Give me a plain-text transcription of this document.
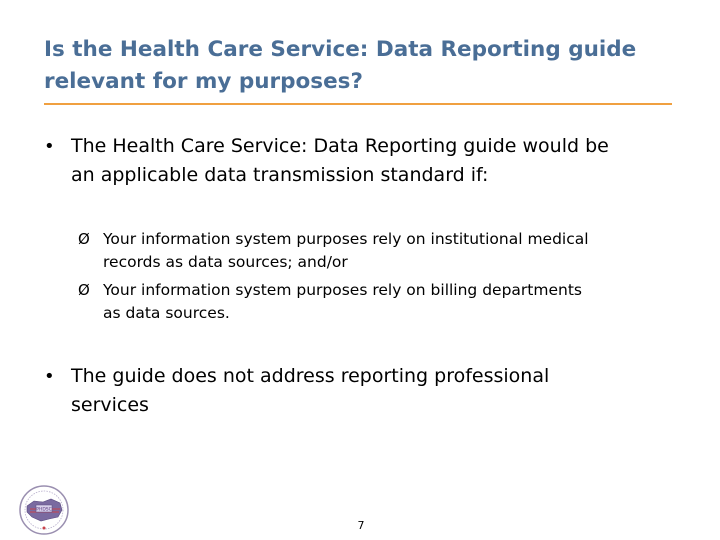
Is the Health Care Service: Data Reporting guide
relevant for my purposes?
• The Health Care Service: Data Reporting guide would be
an applicable data transmission standard if:
Ø Your information system purposes rely on institutional medical
records as data sources; and/or
Ø Your information system purposes rely on billing departments
as data sources.
• The guide does not address reporting professional
services
PHDSC
7
